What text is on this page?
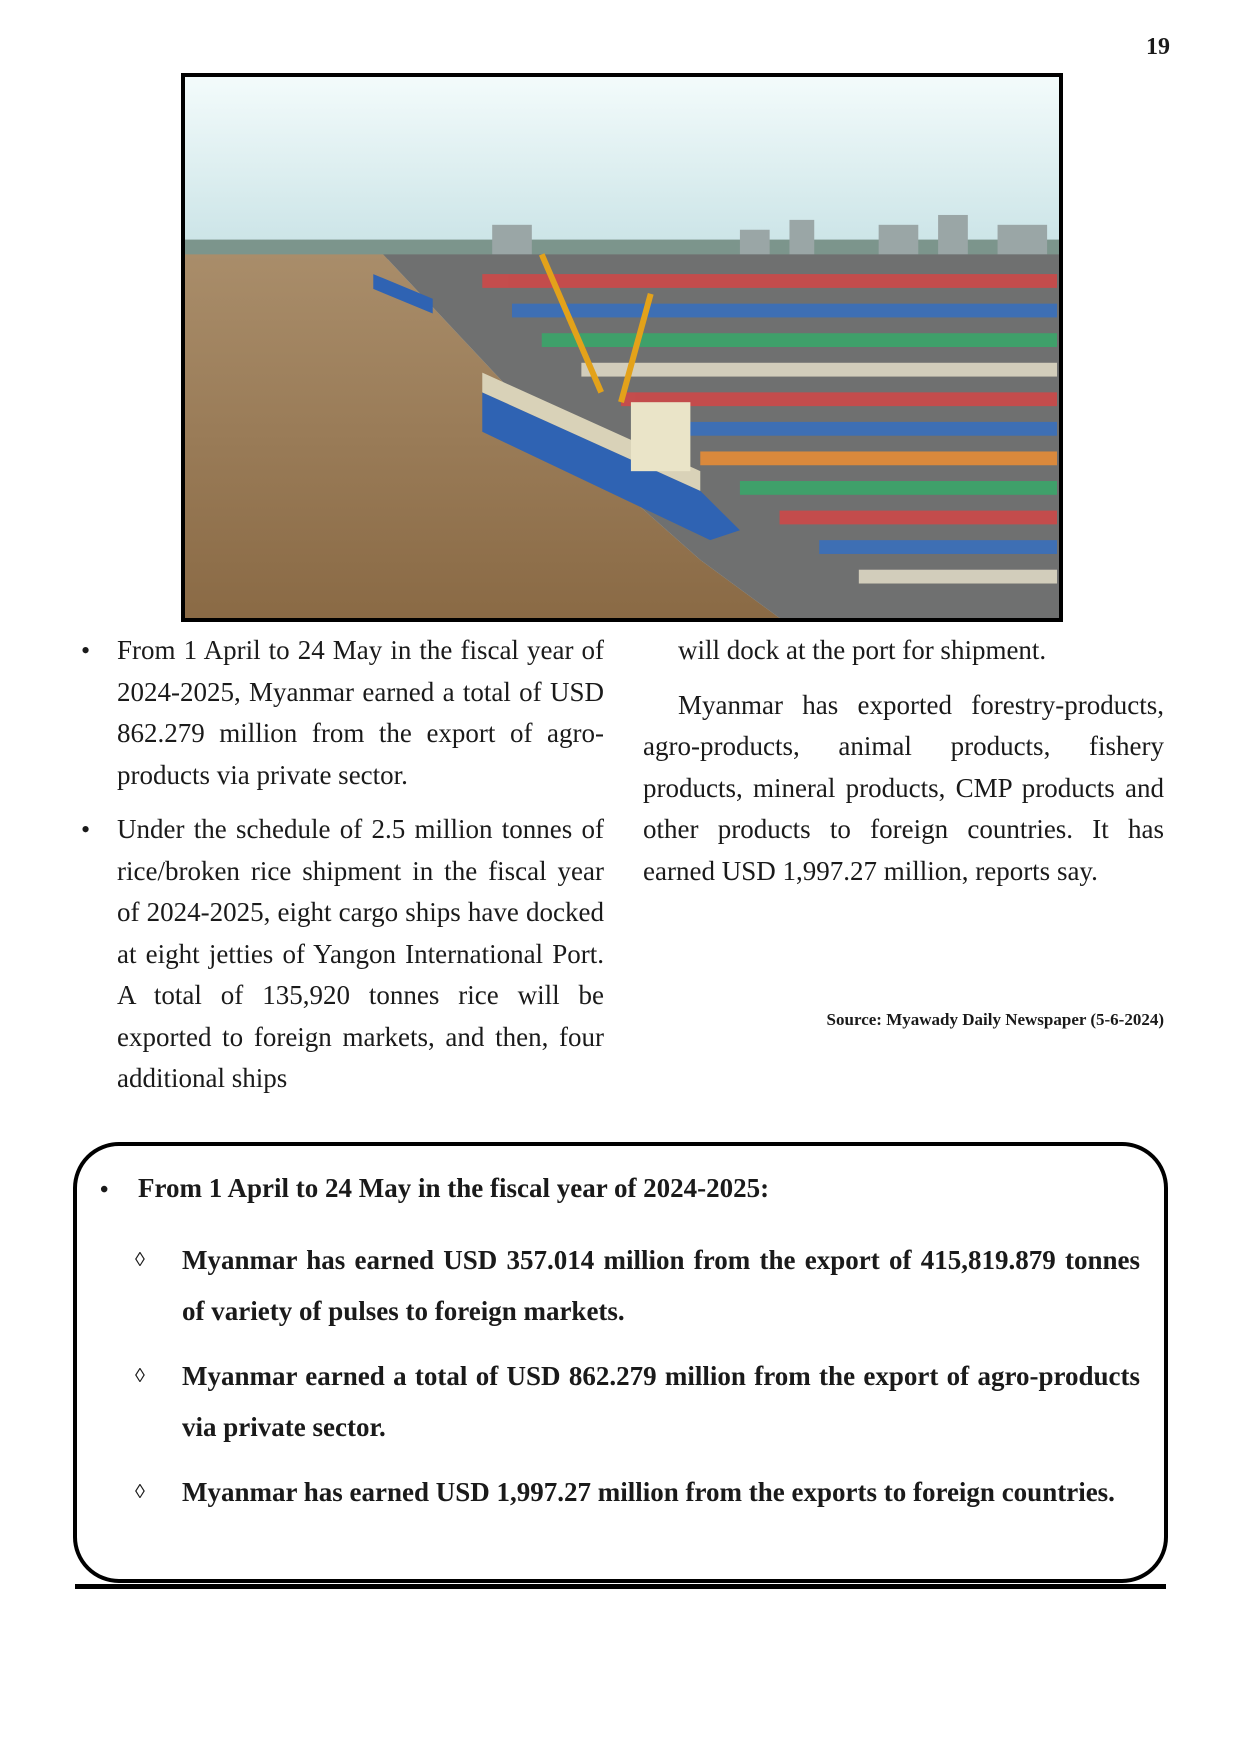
19
• From 1 April to 24 May in the fiscal year of 2024-2025, Myanmar earned a total of USD 862.279 million from the export of agro-products via private sector.
• Under the schedule of 2.5 million tonnes of rice/broken rice shipment in the fiscal year of 2024-2025, eight cargo ships have docked at eight jetties of Yangon International Port. A total of 135,920 tonnes rice will be exported to foreign markets, and then, four additional ships

will dock at the port for shipment.

Myanmar has exported forestry-products, agro-products, animal products, fishery products, mineral products, CMP products and other products to foreign countries. It has earned USD 1,997.27 million, reports say.

Source: Myawady Daily Newspaper (5-6-2024)
• From 1 April to 24 May in the fiscal year of 2024-2025:
◊ Myanmar has earned USD 357.014 million from the export of 415,819.879 tonnes of variety of pulses to foreign markets.
◊ Myanmar earned a total of USD 862.279 million from the export of agro-products via private sector.
◊ Myanmar has earned USD 1,997.27 million from the exports to foreign countries.
